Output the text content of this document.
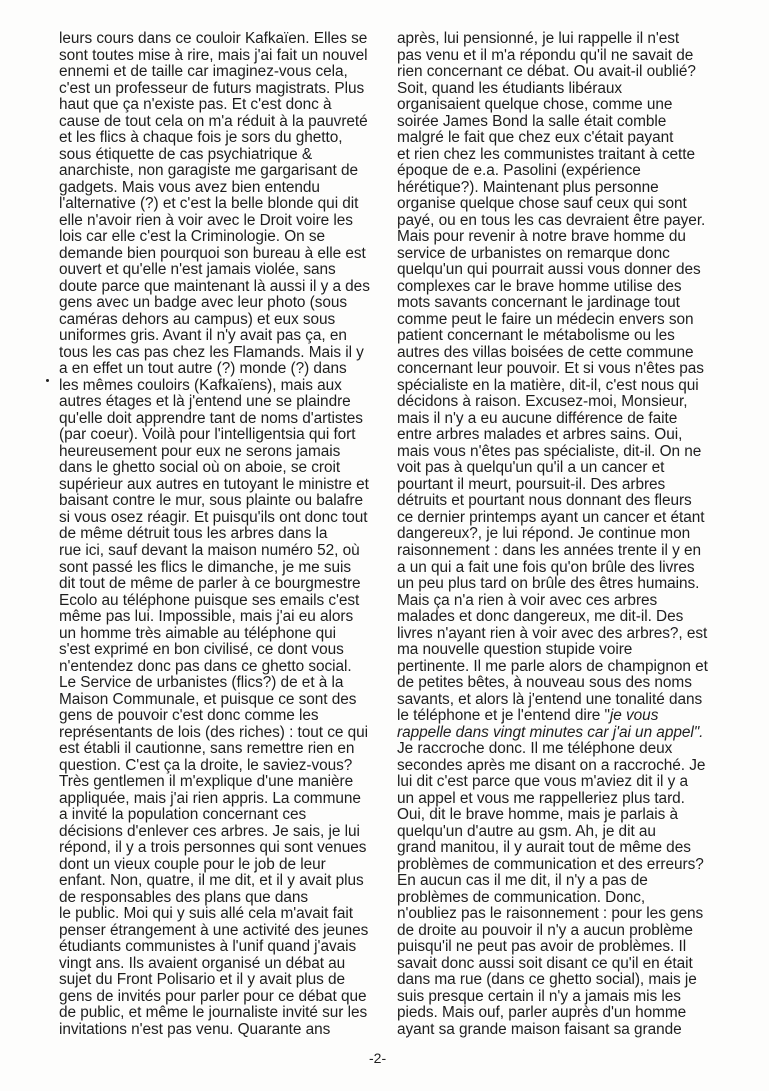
leurs cours dans ce couloir Kafkaïen. Elles se
sont toutes mise à rire, mais j'ai fait un nouvel
ennemi et de taille car imaginez-vous cela,
c'est un professeur de futurs magistrats. Plus
haut que ça n'existe pas. Et c'est donc à
cause de tout cela on m'a réduit à la pauvreté
et les flics à chaque fois je sors du ghetto,
sous étiquette de cas psychiatrique &
anarchiste, non garagiste me gargarisant de
gadgets. Mais vous avez bien entendu
l'alternative (?) et c'est la belle blonde qui dit
elle n'avoir rien à voir avec le Droit voire les
lois car elle c'est la Criminologie. On se
demande bien pourquoi son bureau à elle est
ouvert et qu'elle n'est jamais violée, sans
doute parce que maintenant là aussi il y a des
gens avec un badge avec leur photo (sous
caméras dehors au campus) et eux sous
uniformes gris. Avant il n'y avait pas ça, en
tous les cas pas chez les Flamands. Mais il y
a en effet un tout autre (?) monde (?) dans
les mêmes couloirs (Kafkaïens), mais aux
autres étages et là j'entend une se plaindre
qu'elle doit apprendre tant de noms d'artistes
(par coeur). Voilà pour l'intelligentsia qui fort
heureusement pour eux ne serons jamais
dans le ghetto social où on aboie, se croit
supérieur aux autres en tutoyant le ministre et
baisant contre le mur, sous plainte ou balafre
si vous osez réagir. Et puisqu'ils ont donc tout
de même détruit tous les arbres dans la
rue ici, sauf devant la maison numéro 52, où
sont passé les flics le dimanche, je me suis
dit tout de même de parler à ce bourgmestre
Ecolo au téléphone puisque ses emails c'est
même pas lui. Impossible, mais j'ai eu alors
un homme très aimable au téléphone qui
s'est exprimé en bon civilisé, ce dont vous
n'entendez donc pas dans ce ghetto social.
Le Service de urbanistes (flics?) de et à la
Maison Communale, et puisque ce sont des
gens de pouvoir c'est donc comme les
représentants de lois (des riches) : tout ce qui
est établi il cautionne, sans remettre rien en
question. C'est ça la droite, le saviez-vous?
Très gentlemen il m'explique d'une manière
appliquée, mais j'ai rien appris. La commune
a invité la population concernant ces
décisions d'enlever ces arbres. Je sais, je lui
répond, il y a trois personnes qui sont venues
dont un vieux couple pour le job de leur
enfant. Non, quatre, il me dit, et il y avait plus
de responsables des plans que dans
le public. Moi qui y suis allé cela m'avait fait
penser étrangement à une activité des jeunes
étudiants communistes à l'unif quand j'avais
vingt ans. Ils avaient organisé un débat au
sujet du Front Polisario et il y avait plus de
gens de invités pour parler pour ce débat que
de public, et même le journaliste invité sur les
invitations n'est pas venu. Quarante ans
après, lui pensionné, je lui rappelle il n'est
pas venu et il m'a répondu qu'il ne savait de
rien concernant ce débat. Ou avait-il oublié?
Soit, quand les étudiants libéraux
organisaient quelque chose, comme une
soirée James Bond la salle était comble
malgré le fait que chez eux c'était payant
et rien chez les communistes traitant à cette
époque de e.a. Pasolini (expérience
hérétique?). Maintenant plus personne
organise quelque chose sauf ceux qui sont
payé, ou en tous les cas devraient être payer.
Mais pour revenir à notre brave homme du
service de urbanistes on remarque donc
quelqu'un qui pourrait aussi vous donner des
complexes car le brave homme utilise des
mots savants concernant le jardinage tout
comme peut le faire un médecin envers son
patient concernant le métabolisme ou les
autres des villas boisées de cette commune
concernant leur pouvoir. Et si vous n'êtes pas
spécialiste en la matière, dit-il, c'est nous qui
décidons à raison. Excusez-moi, Monsieur,
mais il n'y a eu aucune différence de faite
entre arbres malades et arbres sains. Oui,
mais vous n'êtes pas spécialiste, dit-il. On ne
voit pas à quelqu'un qu'il a un cancer et
pourtant il meurt, poursuit-il. Des arbres
détruits et pourtant nous donnant des fleurs
ce dernier printemps ayant un cancer et étant
dangereux?, je lui répond. Je continue mon
raisonnement : dans les années trente il y en
a un qui a fait une fois qu'on brûle des livres
un peu plus tard on brûle des êtres humains.
Mais ça n'a rien à voir avec ces arbres
malades et donc dangereux, me dit-il. Des
livres n'ayant rien à voir avec des arbres?, est
ma nouvelle question stupide voire
pertinente. Il me parle alors de champignon et
de petites bêtes, à nouveau sous des noms
savants, et alors là j'entend une tonalité dans
le téléphone et je l'entend dire "je vous
rappelle dans vingt minutes car j'ai un appel".
Je raccroche donc. Il me téléphone deux
secondes après me disant on a raccroché. Je
lui dit c'est parce que vous m'aviez dit il y a
un appel et vous me rappelleriez plus tard.
Oui, dit le brave homme, mais je parlais à
quelqu'un d'autre au gsm. Ah, je dit au
grand manitou, il y aurait tout de même des
problèmes de communication et des erreurs?
En aucun cas il me dit, il n'y a pas de
problèmes de communication. Donc,
n'oubliez pas le raisonnement : pour les gens
de droite au pouvoir il n'y a aucun problème
puisqu'il ne peut pas avoir de problèmes. Il
savait donc aussi soit disant ce qu'il en était
dans ma rue (dans ce ghetto social), mais je
suis presque certain il n'y a jamais mis les
pieds. Mais ouf, parler auprès d'un homme
ayant sa grande maison faisant sa grande
-2-
